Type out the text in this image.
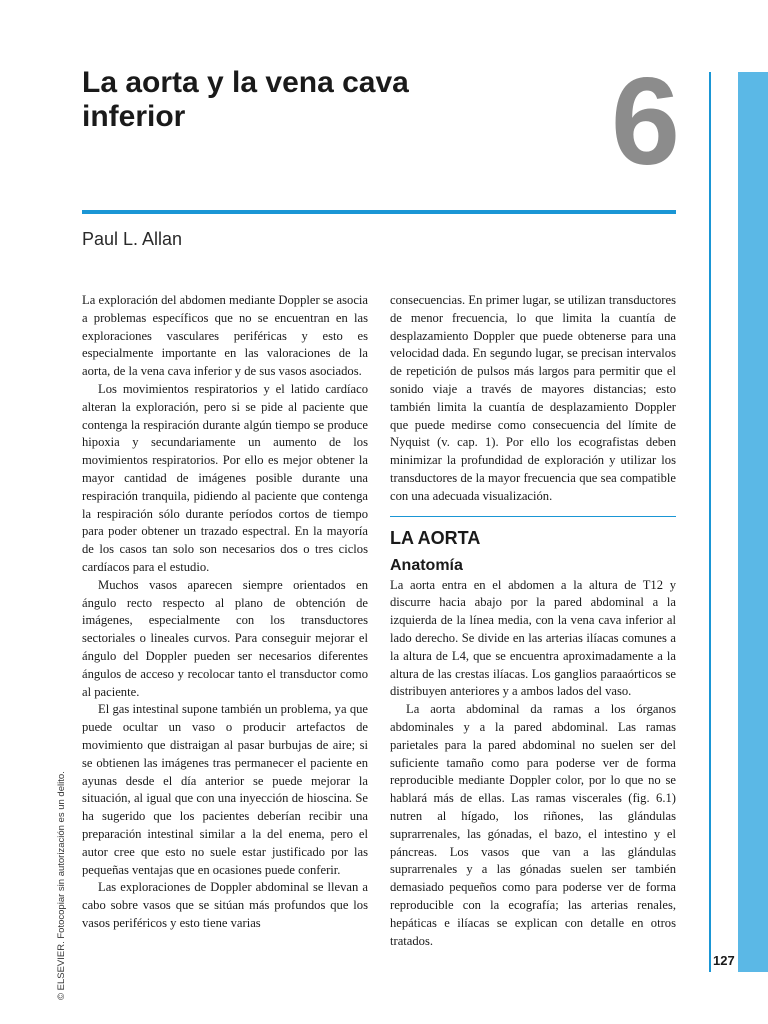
La aorta y la vena cava inferior	6
Paul L. Allan

La exploración del abdomen mediante Doppler se asocia a problemas específicos que no se encuentran en las exploraciones vasculares periféricas y esto es especialmente importante en las valoraciones de la aorta, de la vena cava inferior y de sus vasos asociados.

Los movimientos respiratorios y el latido cardíaco alteran la exploración, pero si se pide al paciente que contenga la respiración durante algún tiempo se produce hipoxia y secundariamente un aumento de los movimientos respiratorios. Por ello es mejor obtener la mayor cantidad de imágenes posible durante una respiración tranquila, pidiendo al paciente que contenga la respiración sólo durante períodos cortos de tiempo para poder obtener un trazado espectral. En la mayoría de los casos tan solo son necesarios dos o tres ciclos cardíacos para el estudio.

Muchos vasos aparecen siempre orientados en ángulo recto respecto al plano de obtención de imágenes, especialmente con los transductores sectoriales o lineales curvos. Para conseguir mejorar el ángulo del Doppler pueden ser necesarios diferentes ángulos de acceso y recolocar tanto el transductor como al paciente.

El gas intestinal supone también un problema, ya que puede ocultar un vaso o producir artefactos de movimiento que distraigan al pasar burbujas de aire; si se obtienen las imágenes tras permanecer el paciente en ayunas desde el día anterior se puede mejorar la situación, al igual que con una inyección de hioscina. Se ha sugerido que los pacientes deberían recibir una preparación intestinal similar a la del enema, pero el autor cree que esto no suele estar justificado por las pequeñas ventajas que en ocasiones puede conferir.

Las exploraciones de Doppler abdominal se llevan a cabo sobre vasos que se sitúan más profundos que los vasos periféricos y esto tiene varias

consecuencias. En primer lugar, se utilizan transductores de menor frecuencia, lo que limita la cuantía de desplazamiento Doppler que puede obtenerse para una velocidad dada. En segundo lugar, se precisan intervalos de repetición de pulsos más largos para permitir que el sonido viaje a través de mayores distancias; esto también limita la cuantía de desplazamiento Doppler que puede medirse como consecuencia del límite de Nyquist (v. cap. 1). Por ello los ecografistas deben minimizar la profundidad de exploración y utilizar los transductores de la mayor frecuencia que sea compatible con una adecuada visualización.

LA AORTA
Anatomía

La aorta entra en el abdomen a la altura de T12 y discurre hacia abajo por la pared abdominal a la izquierda de la línea media, con la vena cava inferior al lado derecho. Se divide en las arterias ilíacas comunes a la altura de L4, que se encuentra aproximadamente a la altura de las crestas ilíacas. Los ganglios paraaórticos se distribuyen anteriores y a ambos lados del vaso.

La aorta abdominal da ramas a los órganos abdominales y a la pared abdominal. Las ramas parietales para la pared abdominal no suelen ser del suficiente tamaño como para poderse ver de forma reproducible mediante Doppler color, por lo que no se hablará más de ellas. Las ramas viscerales (fig. 6.1) nutren al hígado, los riñones, las glándulas suprarrenales, las gónadas, el bazo, el intestino y el páncreas. Los vasos que van a las glándulas suprarrenales y a las gónadas suelen ser también demasiado pequeños como para poderse ver de forma reproducible con la ecografía; las arterias renales, hepáticas e ilíacas se explican con detalle en otros tratados.

© ELSEVIER. Fotocopiar sin autorización es un delito.	127
